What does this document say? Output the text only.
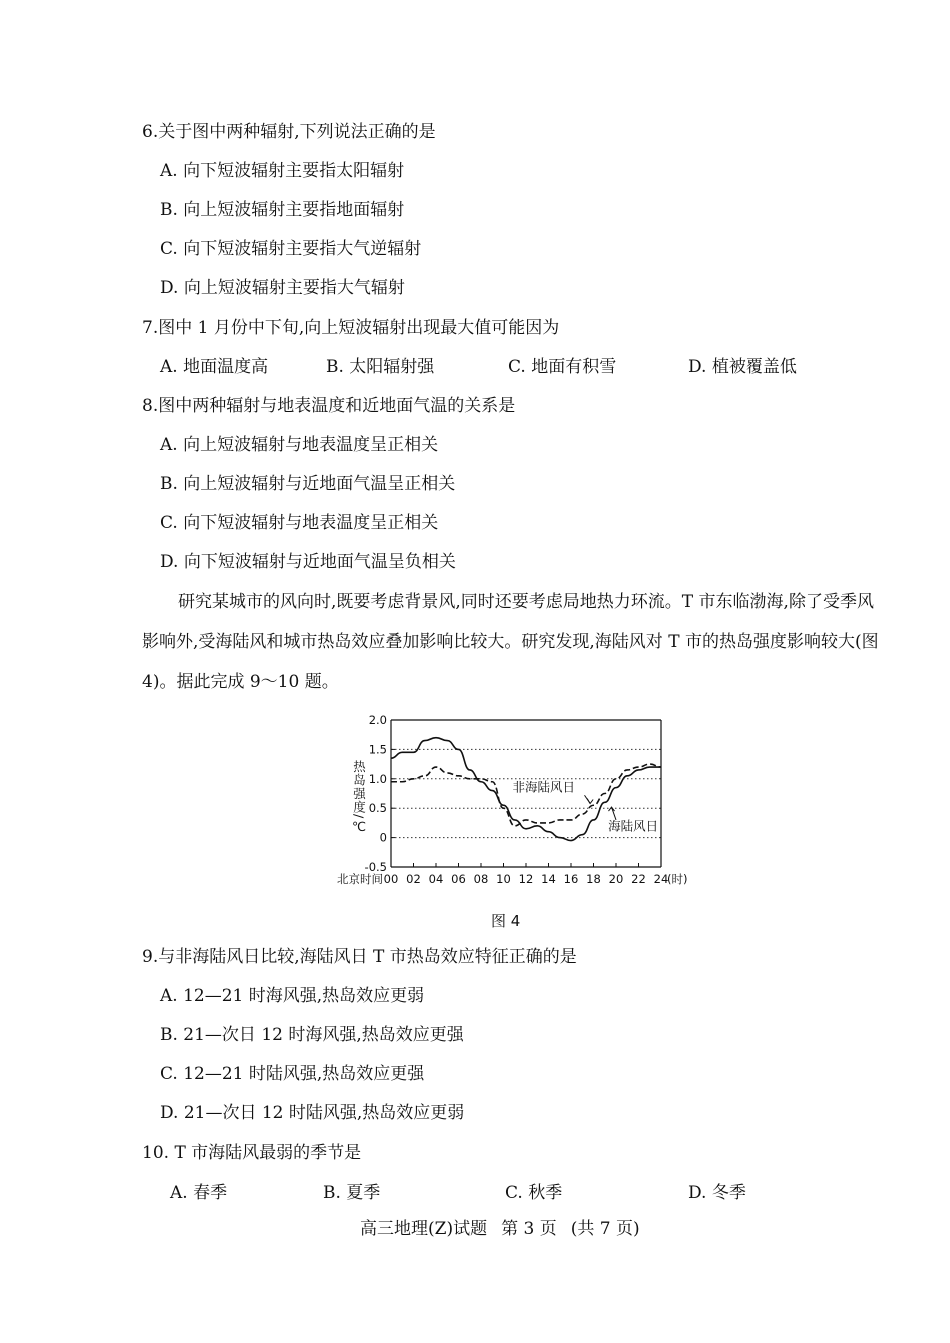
6.关于图中两种辐射,下列说法正确的是
A. 向下短波辐射主要指太阳辐射
B. 向上短波辐射主要指地面辐射
C. 向下短波辐射主要指大气逆辐射
D. 向上短波辐射主要指大气辐射
7.图中 1 月份中下旬,向上短波辐射出现最大值可能因为
A. 地面温度高	B. 太阳辐射强	C. 地面有积雪	D. 植被覆盖低
8.图中两种辐射与地表温度和近地面气温的关系是
A. 向上短波辐射与地表温度呈正相关
B. 向上短波辐射与近地面气温呈正相关
C. 向下短波辐射与地表温度呈正相关
D. 向下短波辐射与近地面气温呈负相关
研究某城市的风向时,既要考虑背景风,同时还要考虑局地热力环流。T 市东临渤海,除了受季风影响外,受海陆风和城市热岛效应叠加影响比较大。研究发现,海陆风对 T 市的热岛强度影响较大(图 4)。据此完成 9～10 题。
2.0
1.5
1.0
0.5
0
-0.5
00 02 04 06 08 10 12 14 16 18 20 22 24
北京时间	(时)
热岛强度/℃	非海陆风日
海陆风日
图 4
9.与非海陆风日比较,海陆风日 T 市热岛效应特征正确的是
A. 12—21 时海风强,热岛效应更弱
B. 21—次日 12 时海风强,热岛效应更强
C. 12—21 时陆风强,热岛效应更强
D. 21—次日 12 时陆风强,热岛效应更弱
10. T 市海陆风最弱的季节是
A. 春季	B. 夏季	C. 秋季	D. 冬季
高三地理(Z)试题 第 3 页 (共 7 页)
